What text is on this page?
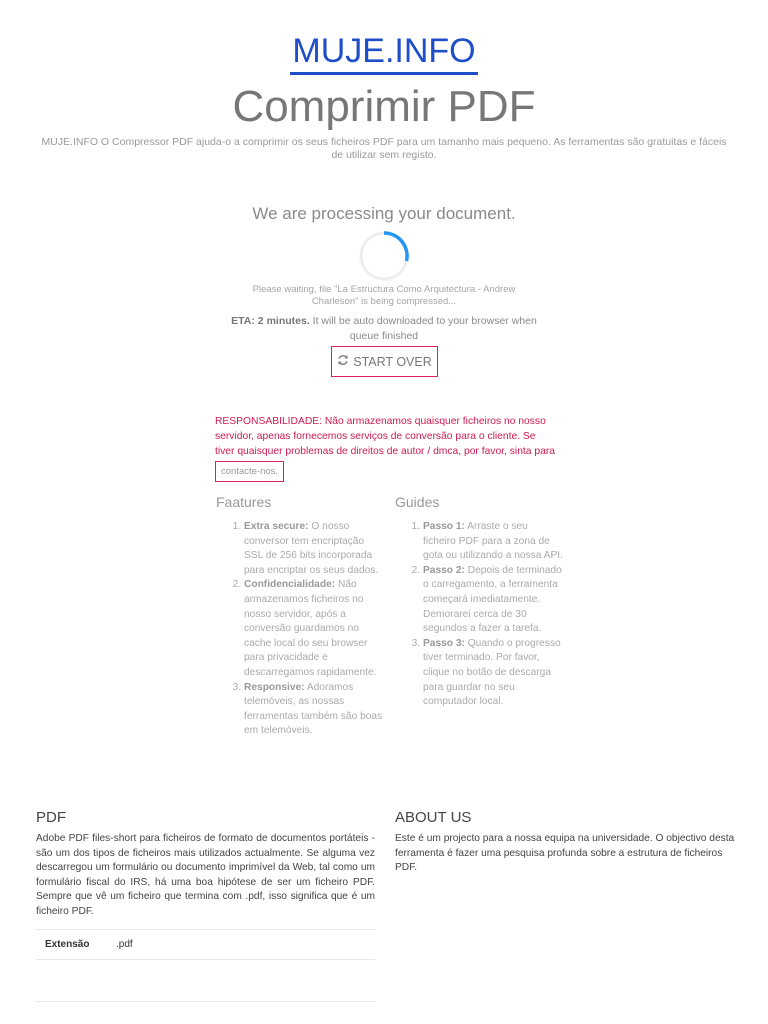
MUJE.INFO
Comprimir PDF

MUJE.INFO O Compressor PDF ajuda-o a comprimir os seus ficheiros PDF para um tamanho mais pequeno. As ferramentas são gratuitas e fáceis de utilizar sem registo.

We are processing your document.

Please waiting, file "La Estructura Como Arquitectura - Andrew Charleson" is being compressed...

ETA: 2 minutes. It will be auto downloaded to your browser when queue finished

START OVER
RESPONSABILIDADE: Não armazenamos quaisquer ficheiros no nosso servidor, apenas fornecemos serviços de conversão para o cliente. Se tiver quaisquer problemas de direitos de autor / dmca, por favor, sinta para
contacte-nos.
Faatures
1. Extra secure: O nosso conversor tem encriptação SSL de 256 bits incorporada para encriptar os seus dados.
2. Confidencialidade: Não armazenamos ficheiros no nosso servidor, após a conversão guardamos no cache local do seu browser para privacidade e descarregamos rapidamente.
3. Responsive: Adoramos telemóveis, as nossas ferramentas também são boas em telemóveis.
Guides
1. Passo 1: Arraste o seu ficheiro PDF para a zona de gota ou utilizando a nossa API.
2. Passo 2: Depois de terminado o carregamento, a ferramenta começará imediatamente. Demorarei cerca de 30 segundos a fazer a tarefa.
3. Passo 3: Quando o progresso tiver terminado. Por favor, clique no botão de descarga para guardar no seu computador local.
PDF

Adobe PDF files-short para ficheiros de formato de documentos portáteis - são um dos tipos de ficheiros mais utilizados actualmente. Se alguma vez descarregou um formulário ou documento imprimível da Web, tal como um formulário fiscal do IRS, há uma boa hipótese de ser um ficheiro PDF. Sempre que vê um ficheiro que termina com .pdf, isso significa que é um ficheiro PDF.

Extensão	.pdf
ABOUT US

Este é um projecto para a nossa equipa na universidade. O objectivo desta ferramenta é fazer uma pesquisa profunda sobre a estrutura de ficheiros PDF.
